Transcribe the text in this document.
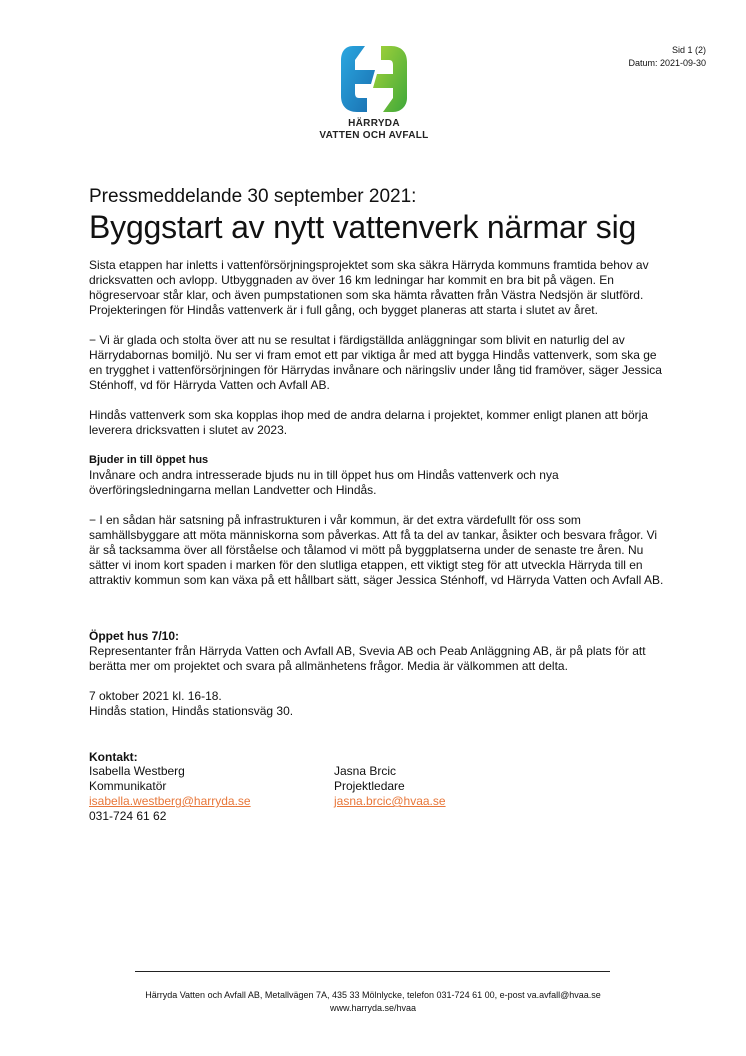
HÄRRYDA
VATTEN OCH AVFALL
Sid 1 (2)
Datum: 2021-09-30
Pressmeddelande 30 september 2021:
Byggstart av nytt vattenverk närmar sig

Sista etappen har inletts i vattenförsörjningsprojektet som ska säkra Härryda kommuns framtida behov av dricksvatten och avlopp. Utbyggnaden av över 16 km ledningar har kommit en bra bit på vägen. En högreservoar står klar, och även pumpstationen som ska hämta råvatten från Västra Nedsjön är slutförd. Projekteringen för Hindås vattenverk är i full gång, och bygget planeras att starta i slutet av året.

− Vi är glada och stolta över att nu se resultat i färdigställda anläggningar som blivit en naturlig del av Härrydabornas bomiljö. Nu ser vi fram emot ett par viktiga år med att bygga Hindås vattenverk, som ska ge en trygghet i vattenförsörjningen för Härrydas invånare och näringsliv under lång tid framöver, säger Jessica Sténhoff, vd för Härryda Vatten och Avfall AB.

Hindås vattenverk som ska kopplas ihop med de andra delarna i projektet, kommer enligt planen att börja leverera dricksvatten i slutet av 2023.

Bjuder in till öppet hus

Invånare och andra intresserade bjuds nu in till öppet hus om Hindås vattenverk och nya överföringsledningarna mellan Landvetter och Hindås.

− I en sådan här satsning på infrastrukturen i vår kommun, är det extra värdefullt för oss som samhällsbyggare att möta människorna som påverkas. Att få ta del av tankar, åsikter och besvara frågor. Vi är så tacksamma över all förståelse och tålamod vi mött på byggplatserna under de senaste tre åren. Nu sätter vi inom kort spaden i marken för den slutliga etappen, ett viktigt steg för att utveckla Härryda till en attraktiv kommun som kan växa på ett hållbart sätt, säger Jessica Sténhoff, vd Härryda Vatten och Avfall AB.

Öppet hus 7/10:

Representanter från Härryda Vatten och Avfall AB, Svevia AB och Peab Anläggning AB, är på plats för att berätta mer om projektet och svara på allmänhetens frågor. Media är välkommen att delta.

7 oktober 2021 kl. 16-18.
Hindås station, Hindås stationsväg 30.

Kontakt:
Isabella Westberg
Kommunikatör
isabella.westberg@harryda.se
031-724 61 62
Jasna Brcic
Projektledare
jasna.brcic@hvaa.se
Härryda Vatten och Avfall AB, Metallvägen 7A, 435 33 Mölnlycke, telefon 031-724 61 00, e-post va.avfall@hvaa.se
www.harryda.se/hvaa
